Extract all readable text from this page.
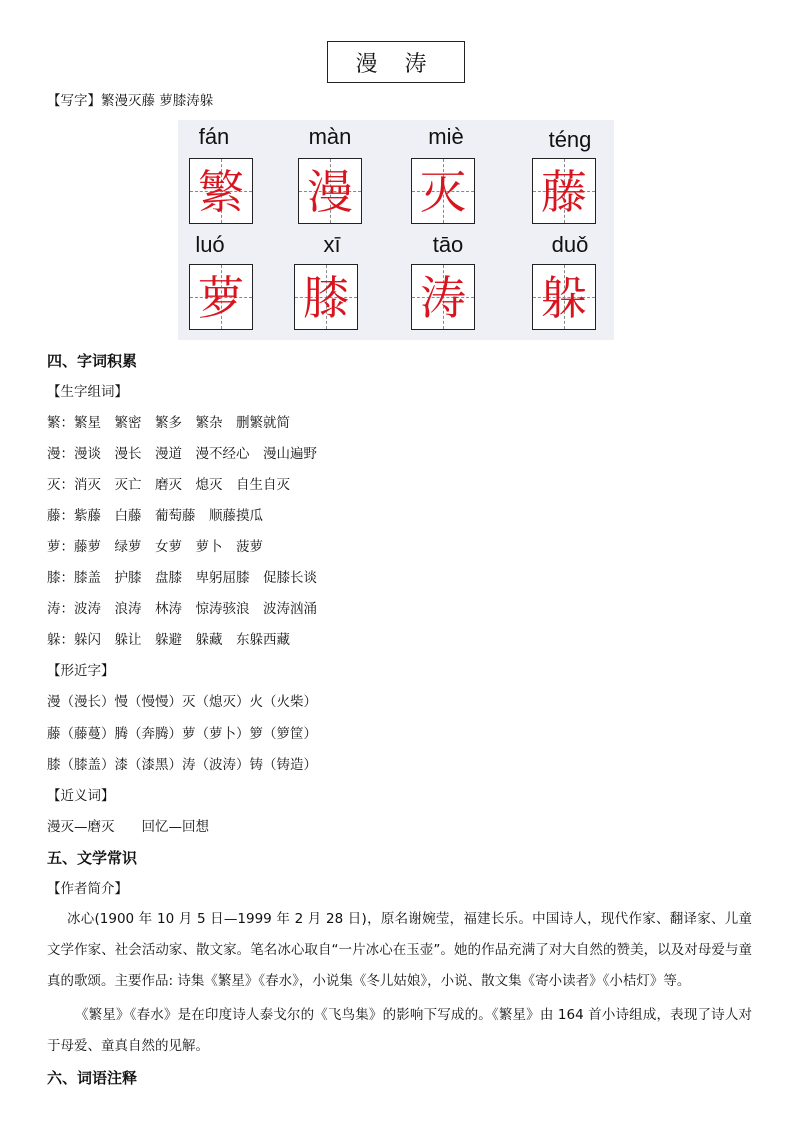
漫 涛
【写字】繁漫灭藤 萝膝涛躲
fán
繁
màn
漫
miè
灭
téng
藤
luó
萝
xī
膝
tāo
涛
duǒ
躲
四、字词积累
【生字组词】
繁：繁星　繁密　繁多　繁杂　删繁就简
漫：漫谈　漫长　漫道　漫不经心　漫山遍野
灭：消灭　灭亡　磨灭　熄灭　自生自灭
藤：紫藤　白藤　葡萄藤　顺藤摸瓜
萝：藤萝　绿萝　女萝　萝卜　菠萝
膝：膝盖　护膝　盘膝　卑躬屈膝　促膝长谈
涛：波涛　浪涛　林涛　惊涛骇浪　波涛汹涌
躲：躲闪　躲让　躲避　躲藏　东躲西藏
【形近字】
漫（漫长）慢（慢慢）灭（熄灭）火（火柴）
藤（藤蔓）腾（奔腾）萝（萝卜）箩（箩筐）
膝（膝盖）漆（漆黑）涛（波涛）铸（铸造）
【近义词】
漫灭—磨灭　　回忆—回想
五、文学常识
【作者简介】
冰心(1900 年 10 月 5 日—1999 年 2 月 28 日)，原名谢婉莹，福建长乐。中国诗人，现代作家、翻译家、儿童文学作家、社会活动家、散文家。笔名冰心取自“一片冰心在玉壶”。她的作品充满了对大自然的赞美，以及对母爱与童真的歌颂。主要作品: 诗集《繁星》《春水》，小说集《冬儿姑娘》，小说、散文集《寄小读者》《小桔灯》等。
《繁星》《春水》是在印度诗人泰戈尔的《飞鸟集》的影响下写成的。《繁星》由 164 首小诗组成，表现了诗人对于母爱、童真自然的见解。
六、词语注释
